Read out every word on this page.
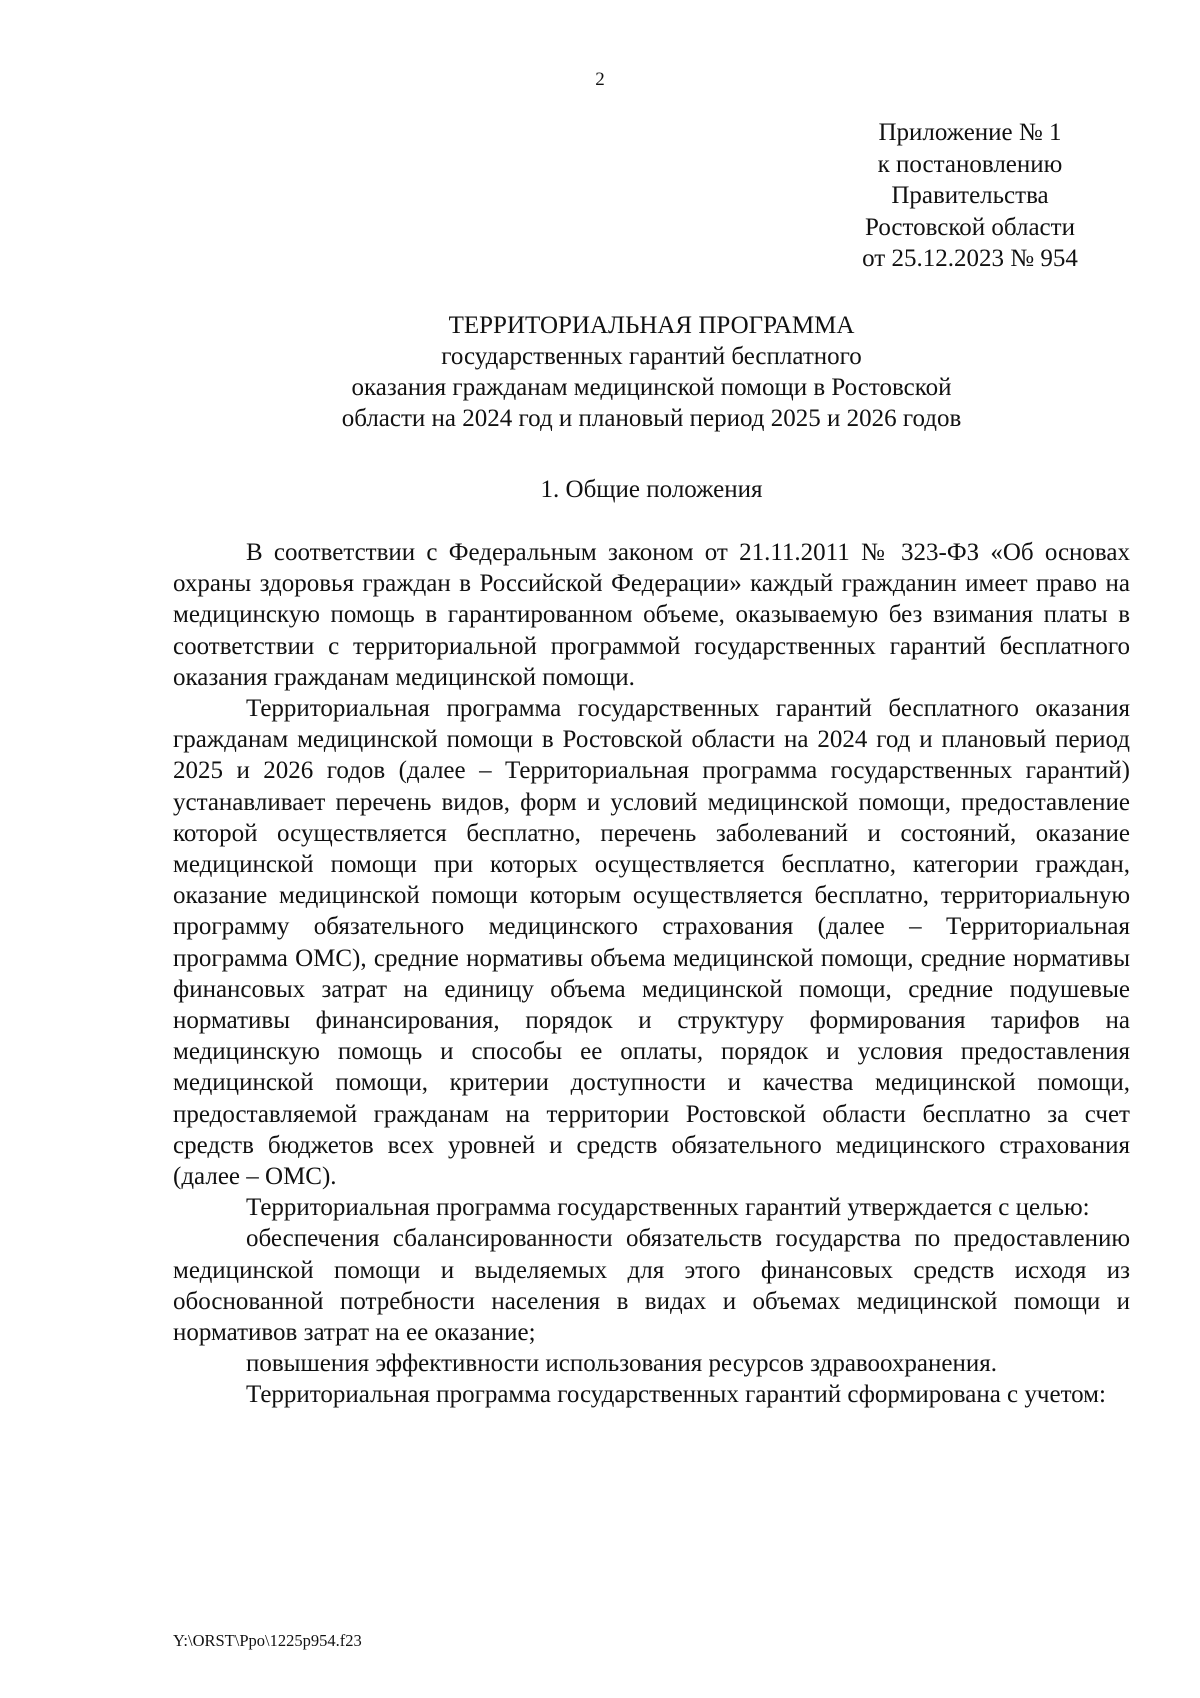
2
Приложение № 1
к постановлению
Правительства
Ростовской области
от 25.12.2023 № 954
ТЕРРИТОРИАЛЬНАЯ ПРОГРАММА
государственных гарантий бесплатного
оказания гражданам медицинской помощи в Ростовской
области на 2024 год и плановый период 2025 и 2026 годов
1. Общие положения

В соответствии с Федеральным законом от 21.11.2011 № 323-ФЗ «Об основах охраны здоровья граждан в Российской Федерации» каждый гражданин имеет право на медицинскую помощь в гарантированном объеме, оказываемую без взимания платы в соответствии с территориальной программой государственных гарантий бесплатного оказания гражданам медицинской помощи.

Территориальная программа государственных гарантий бесплатного оказания гражданам медицинской помощи в Ростовской области на 2024 год и плановый период 2025 и 2026 годов (далее – Территориальная программа государственных гарантий) устанавливает перечень видов, форм и условий медицинской помощи, предоставление которой осуществляется бесплатно, перечень заболеваний и состояний, оказание медицинской помощи при которых осуществляется бесплатно, категории граждан, оказание медицинской помощи которым осуществляется бесплатно, территориальную программу обязательного медицинского страхования (далее – Территориальная программа ОМС), средние нормативы объема медицинской помощи, средние нормативы финансовых затрат на единицу объема медицинской помощи, средние подушевые нормативы финансирования, порядок и структуру формирования тарифов на медицинскую помощь и способы ее оплаты, порядок и условия предоставления медицинской помощи, критерии доступности и качества медицинской помощи, предоставляемой гражданам на территории Ростовской области бесплатно за счет средств бюджетов всех уровней и средств обязательного медицинского страхования (далее – ОМС).

Территориальная программа государственных гарантий утверждается с целью:

обеспечения сбалансированности обязательств государства по предоставлению медицинской помощи и выделяемых для этого финансовых средств исходя из обоснованной потребности населения в видах и объемах медицинской помощи и нормативов затрат на ее оказание;

повышения эффективности использования ресурсов здравоохранения.

Территориальная программа государственных гарантий сформирована с учетом:

Y:\ORST\Ppo\1225p954.f23
